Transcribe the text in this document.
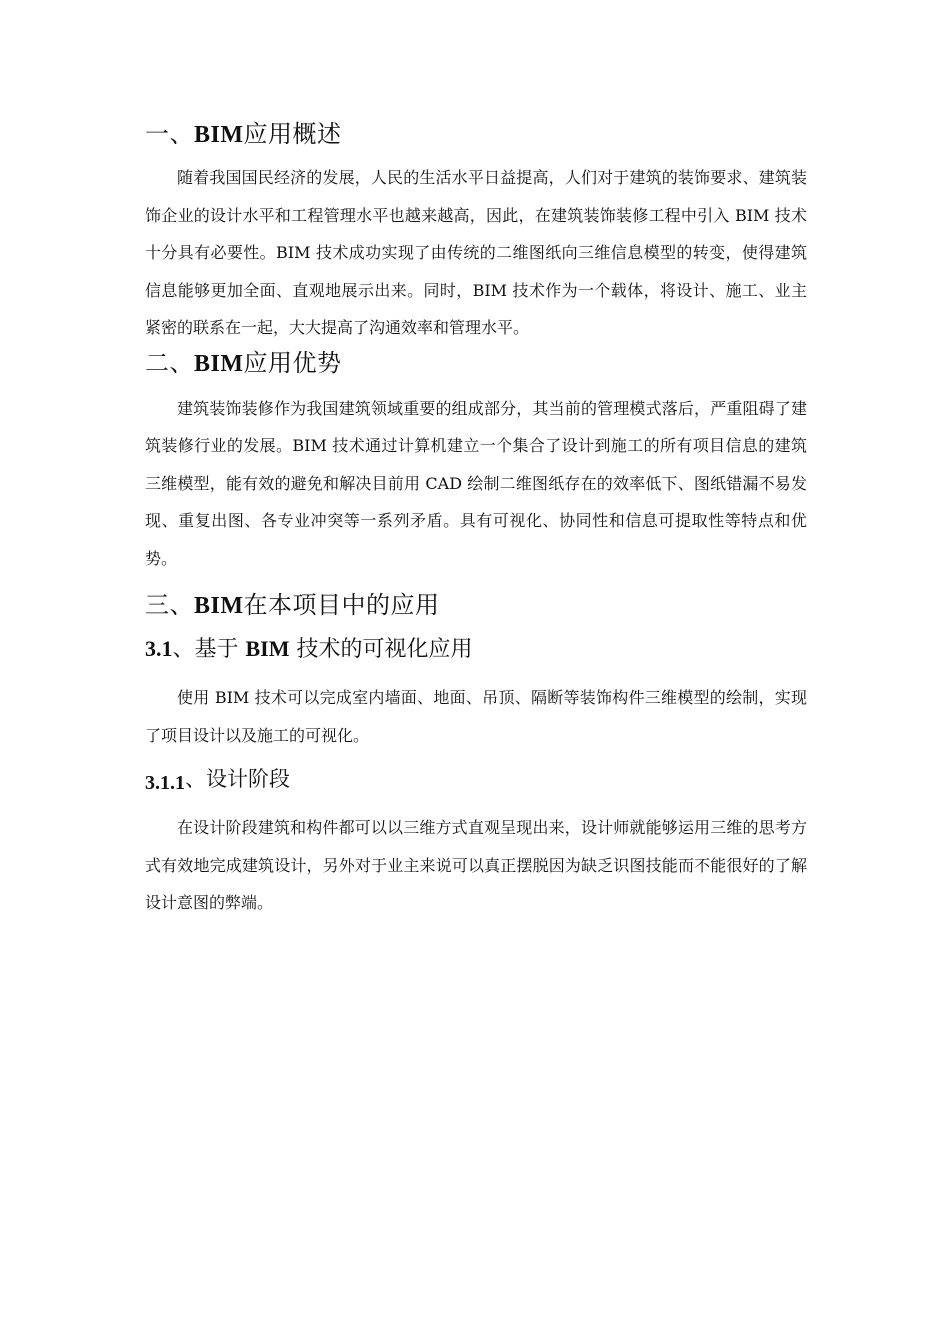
一、BIM应用概述

随着我国国民经济的发展，人民的生活水平日益提高，人们对于建筑的装饰要求、建筑装饰企业的设计水平和工程管理水平也越来越高，因此，在建筑装饰装修工程中引入 BIM 技术十分具有必要性。BIM 技术成功实现了由传统的二维图纸向三维信息模型的转变，使得建筑信息能够更加全面、直观地展示出来。同时，BIM 技术作为一个载体，将设计、施工、业主紧密的联系在一起，大大提高了沟通效率和管理水平。

二、BIM应用优势

建筑装饰装修作为我国建筑领域重要的组成部分，其当前的管理模式落后，严重阻碍了建筑装修行业的发展。BIM 技术通过计算机建立一个集合了设计到施工的所有项目信息的建筑三维模型，能有效的避免和解决目前用 CAD 绘制二维图纸存在的效率低下、图纸错漏不易发现、重复出图、各专业冲突等一系列矛盾。具有可视化、协同性和信息可提取性等特点和优势。

三、BIM在本项目中的应用
3.1、基于 BIM 技术的可视化应用

使用 BIM 技术可以完成室内墙面、地面、吊顶、隔断等装饰构件三维模型的绘制，实现了项目设计以及施工的可视化。

3.1.1、设计阶段

在设计阶段建筑和构件都可以以三维方式直观呈现出来，设计师就能够运用三维的思考方式有效地完成建筑设计，另外对于业主来说可以真正摆脱因为缺乏识图技能而不能很好的了解设计意图的弊端。
